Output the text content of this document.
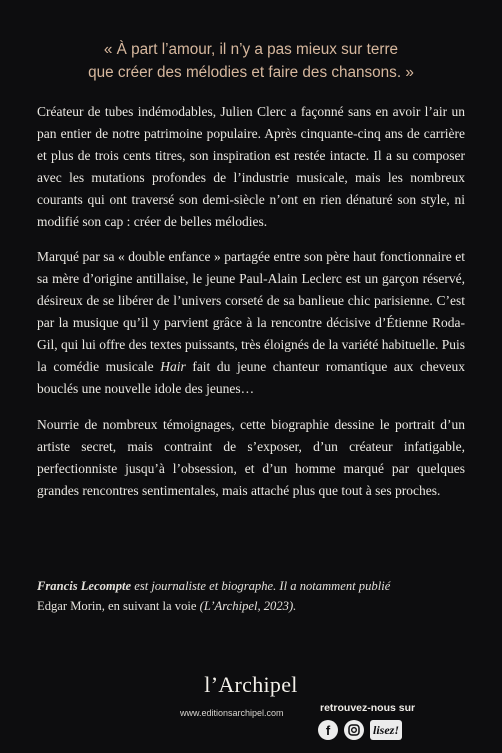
« À part l’amour, il n’y a pas mieux sur terre
que créer des mélodies et faire des chansons. »

Créateur de tubes indémodables, Julien Clerc a façonné sans en avoir l’air un pan entier de notre patrimoine populaire. Après cinquante-cinq ans de carrière et plus de trois cents titres, son inspiration est restée intacte. Il a su composer avec les mutations profondes de l’industrie musicale, mais les nombreux courants qui ont traversé son demi-siècle n’ont en rien dénaturé son style, ni modifié son cap : créer de belles mélodies.

Marqué par sa « double enfance » partagée entre son père haut fonctionnaire et sa mère d’origine antillaise, le jeune Paul-Alain Leclerc est un garçon réservé, désireux de se libérer de l’univers corseté de sa banlieue chic parisienne. C’est par la musique qu’il y parvient grâce à la rencontre décisive d’Étienne Roda-Gil, qui lui offre des textes puissants, très éloignés de la variété habituelle. Puis la comédie musicale Hair fait du jeune chanteur romantique aux cheveux bouclés une nouvelle idole des jeunes…

Nourrie de nombreux témoignages, cette biographie dessine le portrait d’un artiste secret, mais contraint de s’exposer, d’un créateur infatigable, perfectionniste jusqu’à l’obsession, et d’un homme marqué par quelques grandes rencontres sentimentales, mais attaché plus que tout à ses proches.

Francis Lecompte est journaliste et biographe. Il a notamment publié
Edgar Morin, en suivant la voie (L’Archipel, 2023).
l’Archipel
www.editionsarchipel.com	retrouvez-nous sur
f	lisez!
